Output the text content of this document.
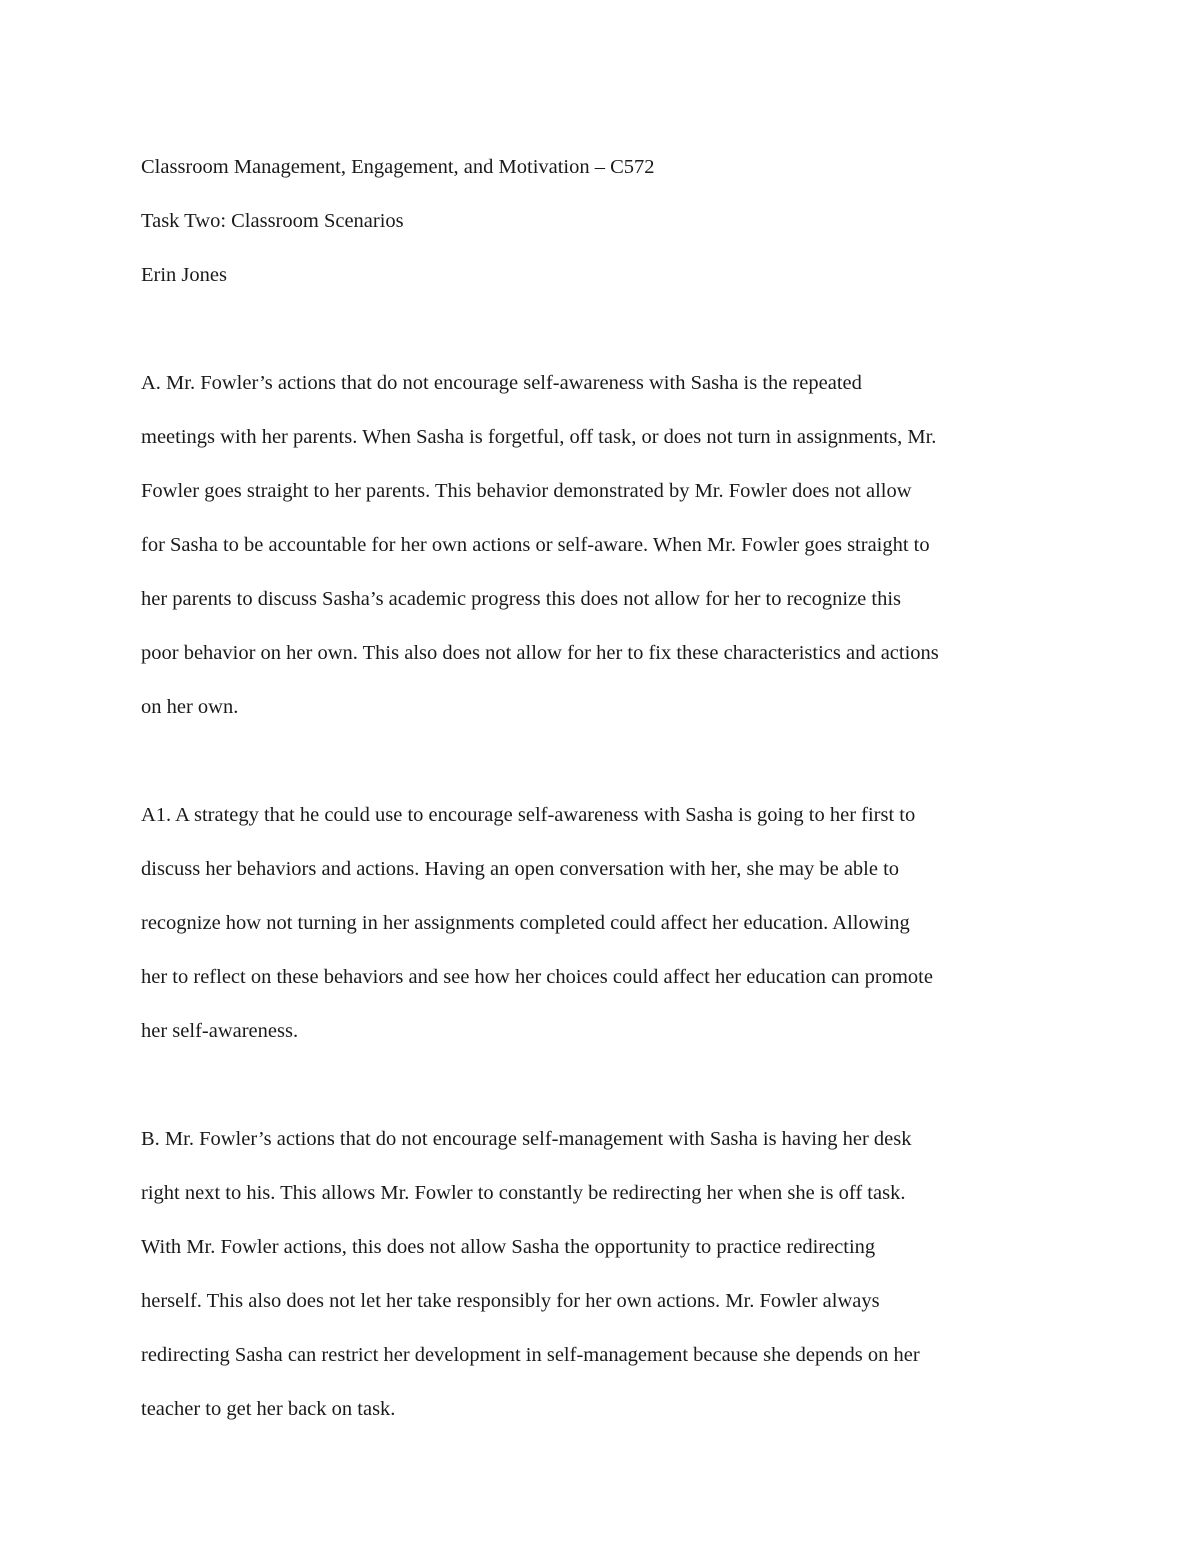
Classroom Management, Engagement, and Motivation – C572

Task Two: Classroom Scenarios

Erin Jones

A. Mr. Fowler’s actions that do not encourage self-awareness with Sasha is the repeated
meetings with her parents. When Sasha is forgetful, off task, or does not turn in assignments, Mr.
Fowler goes straight to her parents. This behavior demonstrated by Mr. Fowler does not allow
for Sasha to be accountable for her own actions or self-aware. When Mr. Fowler goes straight to
her parents to discuss Sasha’s academic progress this does not allow for her to recognize this
poor behavior on her own. This also does not allow for her to fix these characteristics and actions
on her own.

A1. A strategy that he could use to encourage self-awareness with Sasha is going to her first to
discuss her behaviors and actions. Having an open conversation with her, she may be able to
recognize how not turning in her assignments completed could affect her education. Allowing
her to reflect on these behaviors and see how her choices could affect her education can promote
her self-awareness.

B. Mr. Fowler’s actions that do not encourage self-management with Sasha is having her desk
right next to his. This allows Mr. Fowler to constantly be redirecting her when she is off task.
With Mr. Fowler actions, this does not allow Sasha the opportunity to practice redirecting
herself. This also does not let her take responsibly for her own actions. Mr. Fowler always
redirecting Sasha can restrict her development in self-management because she depends on her
teacher to get her back on task.
